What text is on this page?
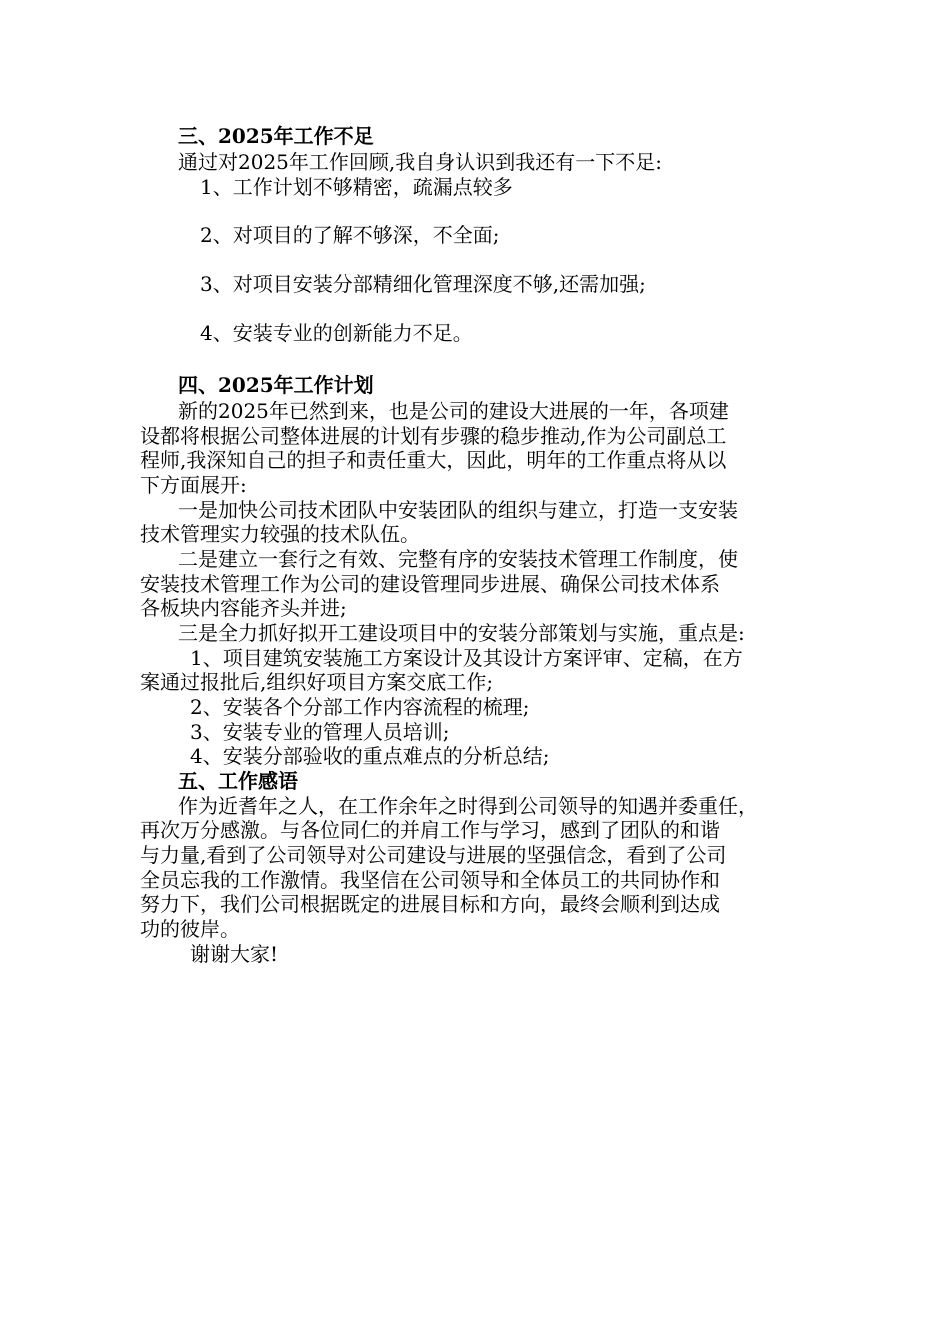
三、2025年工作不足
通过对2025年工作回顾,我自身认识到我还有一下不足:
1、工作计划不够精密，疏漏点较多
2、对项目的了解不够深，不全面;
3、对项目安装分部精细化管理深度不够,还需加强;
4、安装专业的创新能力不足。
四、2025年工作计划
新的2025年已然到来，也是公司的建设大进展的一年，各项建
设都将根据公司整体进展的计划有步骤的稳步推动,作为公司副总工
程师,我深知自己的担子和责任重大，因此，明年的工作重点将从以
下方面展开:
一是加快公司技术团队中安装团队的组织与建立，打造一支安装
技术管理实力较强的技术队伍。
二是建立一套行之有效、完整有序的安装技术管理工作制度，使
安装技术管理工作为公司的建设管理同步进展、确保公司技术体系
各板块内容能齐头并进;
三是全力抓好拟开工建设项目中的安装分部策划与实施，重点是:
1、项目建筑安装施工方案设计及其设计方案评审、定稿，在方
案通过报批后,组织好项目方案交底工作;
2、安装各个分部工作内容流程的梳理;
3、安装专业的管理人员培训;
4、安装分部验收的重点难点的分析总结;
五、工作感语
作为近耆年之人，在工作余年之时得到公司领导的知遇并委重任，
再次万分感激。与各位同仁的并肩工作与学习，感到了团队的和谐
与力量,看到了公司领导对公司建设与进展的坚强信念，看到了公司
全员忘我的工作激情。我坚信在公司领导和全体员工的共同协作和
努力下，我们公司根据既定的进展目标和方向，最终会顺利到达成
功的彼岸。
谢谢大家!
